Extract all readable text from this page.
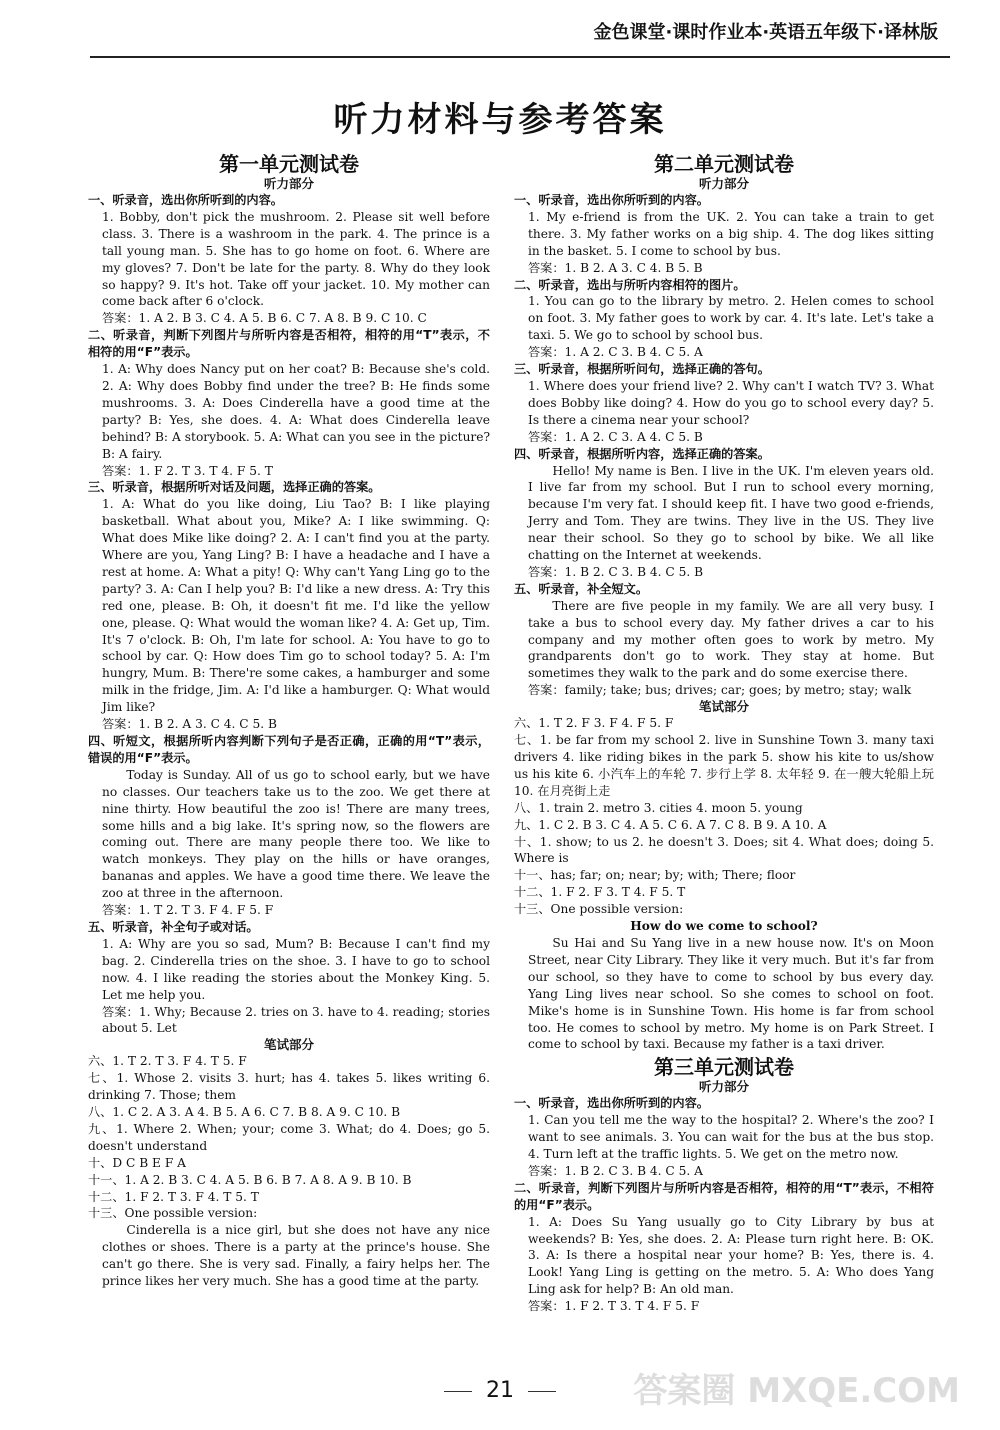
金色课堂·课时作业本·英语五年级下·译林版
听力材料与参考答案
第一单元测试卷
听力部分
一、听录音，选出你所听到的内容。
1. Bobby, don't pick the mushroom. 2. Please sit well before class. 3. There is a washroom in the park. 4. The prince is a tall young man. 5. She has to go home on foot. 6. Where are my gloves? 7. Don't be late for the party. 8. Why do they look so happy? 9. It's hot. Take off your jacket. 10. My mother can come back after 6 o'clock.
答案：1. A 2. B 3. C 4. A 5. B 6. C 7. A 8. B 9. C 10. C
二、听录音，判断下列图片与所听内容是否相符，相符的用“T”表示，不相符的用“F”表示。
1. A: Why does Nancy put on her coat? B: Because she's cold. 2. A: Why does Bobby find under the tree? B: He finds some mushrooms. 3. A: Does Cinderella have a good time at the party? B: Yes, she does. 4. A: What does Cinderella leave behind? B: A storybook. 5. A: What can you see in the picture? B: A fairy.
答案：1. F 2. T 3. T 4. F 5. T
三、听录音，根据所听对话及问题，选择正确的答案。
1. A: What do you like doing, Liu Tao? B: I like playing basketball. What about you, Mike? A: I like swimming. Q: What does Mike like doing? 2. A: I can't find you at the party. Where are you, Yang Ling? B: I have a headache and I have a rest at home. A: What a pity! Q: Why can't Yang Ling go to the party? 3. A: Can I help you? B: I'd like a new dress. A: Try this red one, please. B: Oh, it doesn't fit me. I'd like the yellow one, please. Q: What would the woman like? 4. A: Get up, Tim. It's 7 o'clock. B: Oh, I'm late for school. A: You have to go to school by car. Q: How does Tim go to school today? 5. A: I'm hungry, Mum. B: There're some cakes, a hamburger and some milk in the fridge, Jim. A: I'd like a hamburger. Q: What would Jim like?
答案：1. B 2. A 3. C 4. C 5. B
四、听短文，根据所听内容判断下列句子是否正确，正确的用“T”表示，错误的用“F”表示。
Today is Sunday. All of us go to school early, but we have no classes. Our teachers take us to the zoo. We get there at nine thirty. How beautiful the zoo is! There are many trees, some hills and a big lake. It's spring now, so the flowers are coming out. There are many people there too. We like to watch monkeys. They play on the hills or have oranges, bananas and apples. We have a good time there. We leave the zoo at three in the afternoon.
答案：1. T 2. T 3. F 4. F 5. F
五、听录音，补全句子或对话。
1. A: Why are you so sad, Mum? B: Because I can't find my bag. 2. Cinderella tries on the shoe. 3. I have to go to school now. 4. I like reading the stories about the Monkey King. 5. Let me help you.
答案：1. Why; Because 2. tries on 3. have to 4. reading; stories about 5. Let
笔试部分
六、1. T 2. T 3. F 4. T 5. F
七、1. Whose 2. visits 3. hurt; has 4. takes 5. likes writing 6. drinking 7. Those; them
八、1. C 2. A 3. A 4. B 5. A 6. C 7. B 8. A 9. C 10. B
九、1. Where 2. When; your; come 3. What; do 4. Does; go 5. doesn't understand
十、D C B E F A
十一、1. A 2. B 3. C 4. A 5. B 6. B 7. A 8. A 9. B 10. B
十二、1. F 2. T 3. F 4. T 5. T
十三、One possible version:
Cinderella is a nice girl, but she does not have any nice clothes or shoes. There is a party at the prince's house. She can't go there. She is very sad. Finally, a fairy helps her. The prince likes her very much. She has a good time at the party.
第二单元测试卷
听力部分
一、听录音，选出你所听到的内容。
1. My e-friend is from the UK. 2. You can take a train to get there. 3. My father works on a big ship. 4. The dog likes sitting in the basket. 5. I come to school by bus.
答案：1. B 2. A 3. C 4. B 5. B
二、听录音，选出与所听内容相符的图片。
1. You can go to the library by metro. 2. Helen comes to school on foot. 3. My father goes to work by car. 4. It's late. Let's take a taxi. 5. We go to school by school bus.
答案：1. A 2. C 3. B 4. C 5. A
三、听录音，根据所听问句，选择正确的答句。
1. Where does your friend live? 2. Why can't I watch TV? 3. What does Bobby like doing? 4. How do you go to school every day? 5. Is there a cinema near your school?
答案：1. A 2. C 3. A 4. C 5. B
四、听录音，根据所听内容，选择正确的答案。
Hello! My name is Ben. I live in the UK. I'm eleven years old. I live far from my school. But I run to school every morning, because I'm very fat. I should keep fit. I have two good e-friends, Jerry and Tom. They are twins. They live in the US. They live near their school. So they go to school by bike. We all like chatting on the Internet at weekends.
答案：1. B 2. C 3. B 4. C 5. B
五、听录音，补全短文。
There are five people in my family. We are all very busy. I take a bus to school every day. My father drives a car to his company and my mother often goes to work by metro. My grandparents don't go to work. They stay at home. But sometimes they walk to the park and do some exercise there.
答案：family; take; bus; drives; car; goes; by metro; stay; walk
笔试部分
六、1. T 2. F 3. F 4. F 5. F
七、1. be far from my school 2. live in Sunshine Town 3. many taxi drivers 4. like riding bikes in the park 5. show his kite to us/show us his kite 6. 小汽车上的车轮 7. 步行上学 8. 太年轻 9. 在一艘大轮船上玩 10. 在月亮街上走
八、1. train 2. metro 3. cities 4. moon 5. young
九、1. C 2. B 3. C 4. A 5. C 6. A 7. C 8. B 9. A 10. A
十、1. show; to us 2. he doesn't 3. Does; sit 4. What does; doing 5. Where is
十一、has; far; on; near; by; with; There; floor
十二、1. F 2. F 3. T 4. F 5. T
十三、One possible version:
How do we come to school?
Su Hai and Su Yang live in a new house now. It's on Moon Street, near City Library. They like it very much. But it's far from our school, so they have to come to school by bus every day. Yang Ling lives near school. So she comes to school on foot. Mike's home is in Sunshine Town. His home is far from school too. He comes to school by metro. My home is on Park Street. I come to school by taxi. Because my father is a taxi driver.
第三单元测试卷
听力部分
一、听录音，选出你所听到的内容。
1. Can you tell me the way to the hospital? 2. Where's the zoo? I want to see animals. 3. You can wait for the bus at the bus stop. 4. Turn left at the traffic lights. 5. We get on the metro now.
答案：1. B 2. C 3. B 4. C 5. A
二、听录音，判断下列图片与所听内容是否相符，相符的用“T”表示，不相符的用“F”表示。
1. A: Does Su Yang usually go to City Library by bus at weekends? B: Yes, she does. 2. A: Please turn right here. B: OK. 3. A: Is there a hospital near your home? B: Yes, there is. 4. Look! Yang Ling is getting on the metro. 5. A: Who does Yang Ling ask for help? B: An old man.
答案：1. F 2. T 3. T 4. F 5. F
21	答案圈 MXQE.COM
